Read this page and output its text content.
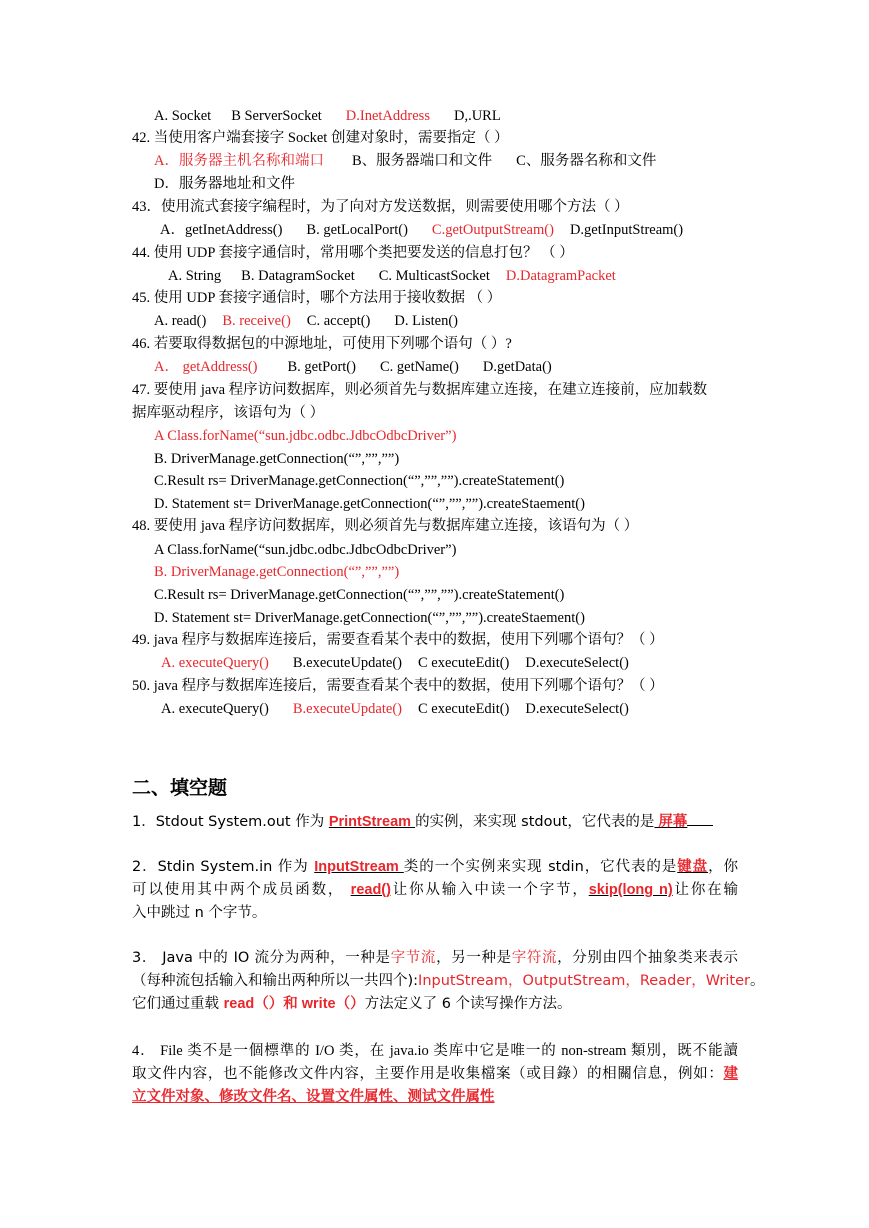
A. Socket B ServerSocket D.InetAddress D,.URL
42. 当使用客户端套接字 Socket 创建对象时，需要指定（ ）
A．服务器主机名称和端口 B、服务器端口和文件 C、服务器名称和文件
D．服务器地址和文件
43．使用流式套接字编程时，为了向对方发送数据，则需要使用哪个方法（ ）
A．getInetAddress() B. getLocalPort() C.getOutputStream() D.getInputStream()
44. 使用 UDP 套接字通信时，常用哪个类把要发送的信息打包？ （ ）
A. String B. DatagramSocket C. MulticastSocket D.DatagramPacket
45. 使用 UDP 套接字通信时，哪个方法用于接收数据 （ ）
A. read() B. receive() C. accept() D. Listen()
46. 若要取得数据包的中源地址，可使用下列哪个语句（ ）?
A． getAddress() B. getPort() C. getName() D.getData()
47. 要使用 java 程序访问数据库，则必须首先与数据库建立连接，在建立连接前，应加载数
据库驱动程序，该语句为（ ）
A Class.forName(“sun.jdbc.odbc.JdbcOdbcDriver”)
B. DriverManage.getConnection(“”,””,””)
C.Result rs= DriverManage.getConnection(“”,””,””).createStatement()
D. Statement st= DriverManage.getConnection(“”,””,””).createStaement()
48. 要使用 java 程序访问数据库，则必须首先与数据库建立连接，该语句为（ ）
A Class.forName(“sun.jdbc.odbc.JdbcOdbcDriver”)
B. DriverManage.getConnection(“”,””,””)
C.Result rs= DriverManage.getConnection(“”,””,””).createStatement()
D. Statement st= DriverManage.getConnection(“”,””,””).createStaement()
49. java 程序与数据库连接后，需要查看某个表中的数据，使用下列哪个语句？（ ）
A. executeQuery() B.executeUpdate() C executeEdit() D.executeSelect()
50. java 程序与数据库连接后，需要查看某个表中的数据，使用下列哪个语句？（ ）
A. executeQuery() B.executeUpdate() C executeEdit() D.executeSelect()
二、填空题
1．Stdout System.out 作为 PrintStream 的实例，来实现 stdout，它代表的是 屏幕
2．Stdin System.in 作为 InputStream 类的一个实例来实现 stdin，它代表的是键盘，你
可以使用其中两个成员函数， read()让你从输入中读一个字节，skip(long n)让你在输
入中跳过 n 个字节。
3． Java 中的 IO 流分为两种，一种是字节流，另一种是字符流，分别由四个抽象类来表示
（每种流包括输入和输出两种所以一共四个):InputStream，OutputStream，Reader，Writer。
它们通过重载 read（）和 write（）方法定义了 6 个读写操作方法。
4． File 类不是一個標準的 I/O 类，在 java.io 类库中它是唯一的 non-stream 類別，既不能讀
取文件内容，也不能修改文件内容，主要作用是收集檔案（或目錄）的相關信息，例如：建
立文件对象、修改文件名、设置文件属性、测试文件属性
